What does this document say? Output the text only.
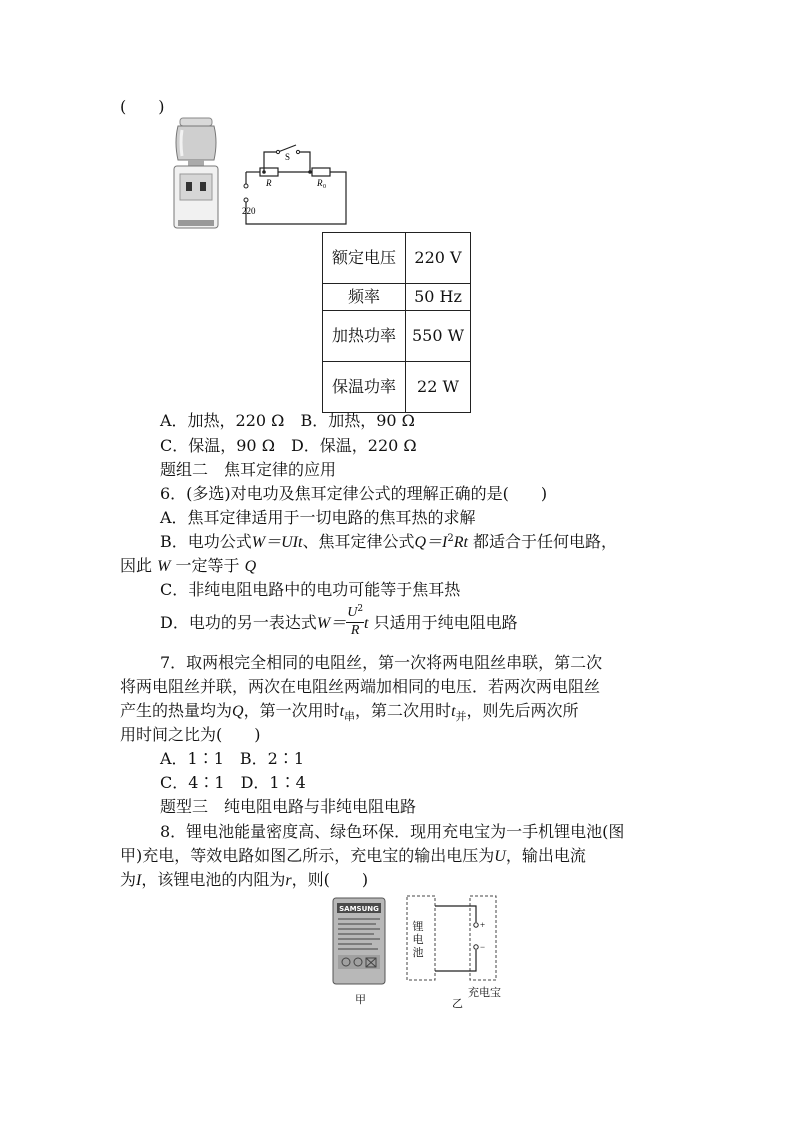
(　　)
S
R	R 0
220
额定电压	220 V
频率	50 Hz
加热功率	550 W
保温功率	22 W
A．加热，220 Ω　B．加热，90 Ω
C．保温，90 Ω　D．保温，220 Ω
题组二　焦耳定律的应用
6．(多选)对电功及焦耳定律公式的理解正确的是(　　)
A．焦耳定律适用于一切电路的焦耳热的求解
B．电功公式W＝UIt、焦耳定律公式$Q=I^2Rt$ 都适合于任何电路，
因此 W 一定等于 Q
C．非纯电阻电路中的电功可能等于焦耳热
D．电功的另一表达式$W= \frac{U^2}{R}$ t 只适用于纯电阻电路
7．取两根完全相同的电阻丝，第一次将两电阻丝串联，第二次
将两电阻丝并联，两次在电阻丝两端加相同的电压．若两次两电阻丝
产生的热量均为Q，第一次用时$t_串$，第二次用时$t_并$，则先后两次所
用时间之比为(　　)
A．1∶1　B．2∶1
C．4∶1　D．1∶4
题型三　纯电阻电路与非纯电阻电路
8．锂电池能量密度高、绿色环保．现用充电宝为一手机锂电池(图
甲)充电，等效电路如图乙所示，充电宝的输出电压为U，输出电流
为I，该锂电池的内阻为r，则(　　)
SAMSUNG
甲
+
−
锂电池
充电宝
乙
